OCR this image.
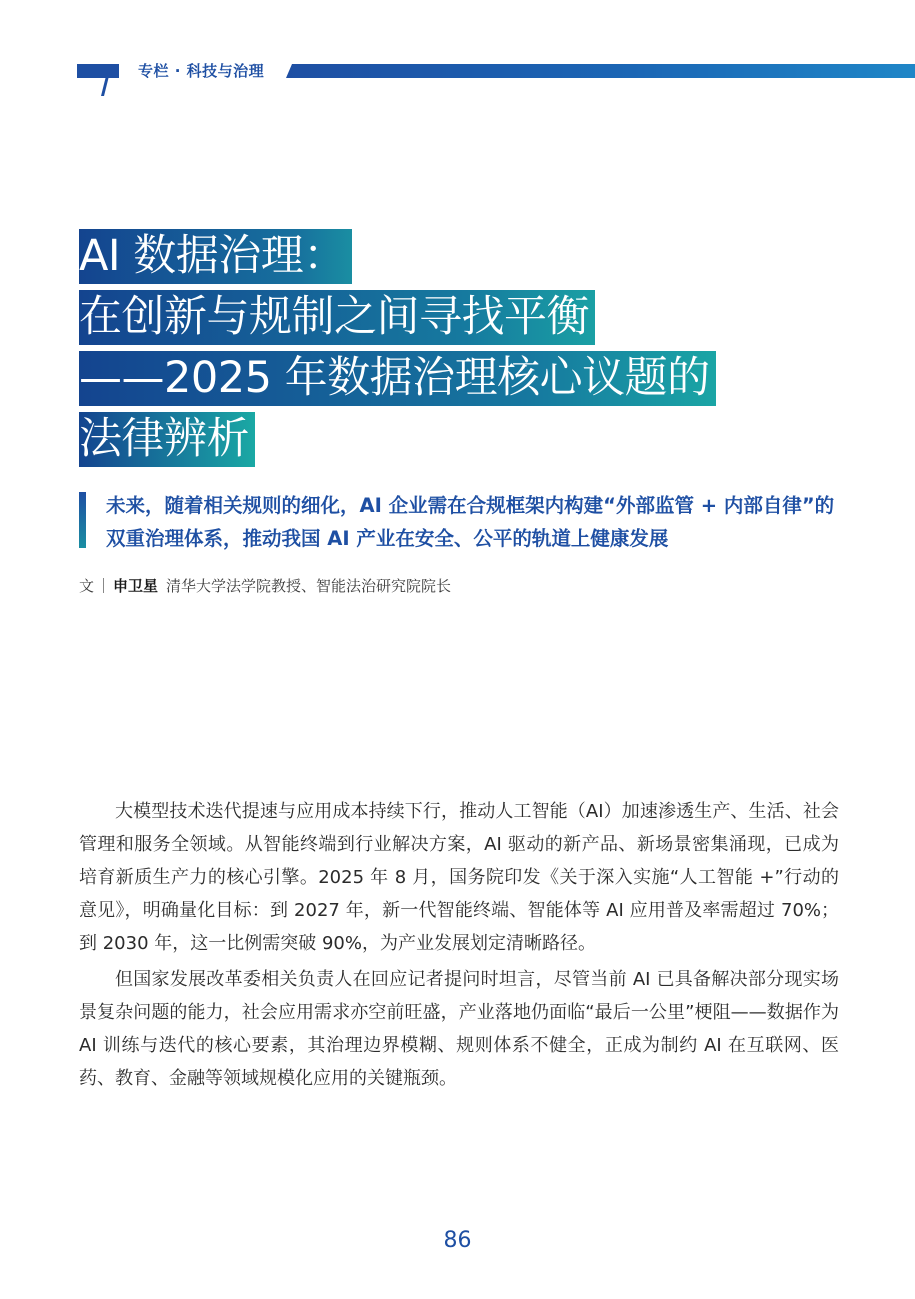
专栏 · 科技与治理
AI 数据治理：
在创新与规制之间寻找平衡
——2025 年数据治理核心议题的
法律辨析
未来，随着相关规则的细化，AI 企业需在合规框架内构建“外部监管 + 内部自律”的双重治理体系，推动我国 AI 产业在安全、公平的轨道上健康发展
文 申卫星 清华大学法学院教授、智能法治研究院院长

大模型技术迭代提速与应用成本持续下行，推动人工智能（AI）加速渗透生产、生活、社会管理和服务全领域。从智能终端到行业解决方案，AI 驱动的新产品、新场景密集涌现，已成为培育新质生产力的核心引擎。2025 年 8 月，国务院印发《关于深入实施“人工智能 +”行动的意见》，明确量化目标：到 2027 年，新一代智能终端、智能体等 AI 应用普及率需超过 70%；到 2030 年，这一比例需突破 90%，为产业发展划定清晰路径。

但国家发展改革委相关负责人在回应记者提问时坦言，尽管当前 AI 已具备解决部分现实场景复杂问题的能力，社会应用需求亦空前旺盛，产业落地仍面临“最后一公里”梗阻——数据作为 AI 训练与迭代的核心要素，其治理边界模糊、规则体系不健全，正成为制约 AI 在互联网、医药、教育、金融等领域规模化应用的关键瓶颈。

86
